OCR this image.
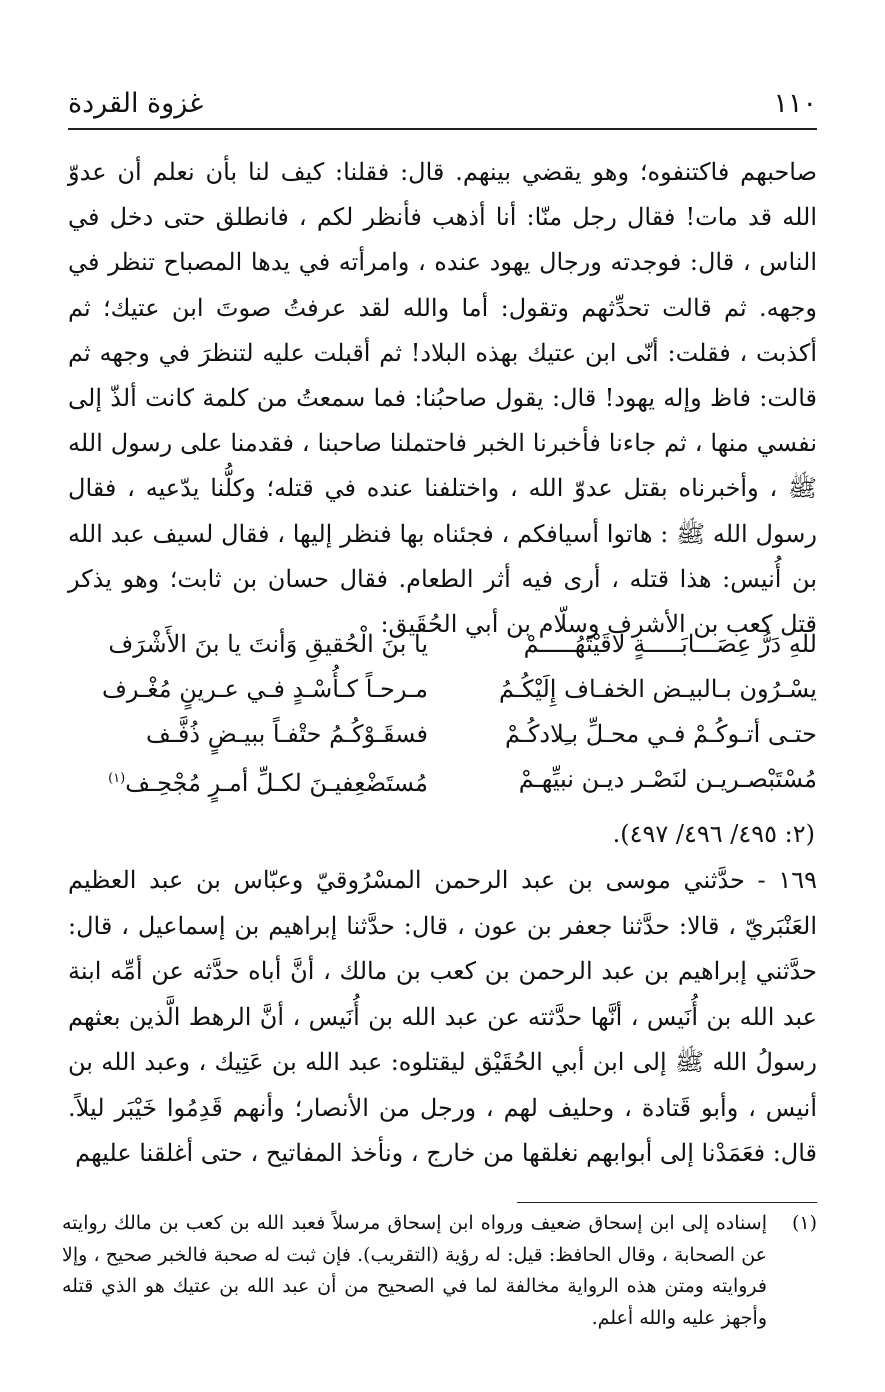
١١٠
غزوة القردة

صاحبهم فاكتنفوه؛ وهو يقضي بينهم. قال: فقلنا: كيف لنا بأن نعلم أن عدوّ الله قد مات! فقال رجل منّا: أنا أذهب فأنظر لكم ، فانطلق حتى دخل في الناس ، قال: فوجدته ورجال يهود عنده ، وامرأته في يدها المصباح تنظر في وجهه. ثم قالت تحدِّثهم وتقول: أما والله لقد عرفتُ صوتَ ابن عتيك؛ ثم أكذبت ، فقلت: أنّى ابن عتيك بهذه البلاد! ثم أقبلت عليه لتنظرَ في وجهه ثم قالت: فاظ وإله يهود! قال: يقول صاحبُنا: فما سمعتُ من كلمة كانت ألذّ إلى نفسي منها ، ثم جاءنا فأخبرنا الخبر فاحتملنا صاحبنا ، فقدمنا على رسول الله ﷺ ، وأخبرناه بقتل عدوّ الله ، واختلفنا عنده في قتله؛ وكلُّنا يدّعيه ، فقال رسول الله ﷺ : هاتوا أسيافكم ، فجئناه بها فنظر إليها ، فقال لسيف عبد الله بن أُنيس: هذا قتله ، أرى فيه أثر الطعام. فقال حسان بن ثابت؛ وهو يذكر قتل كعب بن الأشرف وسلّام بن أبي الحُقَيق:

للهِ دَرُّ عِصَـــابَـــــةٍ لاقَيْتَهُـــــمْ
يا بنَ الْحُقيقِ وَأنتَ يا بنَ الأَشْرَف
يسْـرُون بـالبيـض الخفـاف إِلَيْكُـمُ
مـرحـاً كـأُسْـدٍ فـي عـرينٍ مُغْـرف
حتـى أتـوكُـمْ فـي محـلِّ بـِلادكُـمْ
فسقَـوْكُـمُ حتْفـاً ببيـضٍ ذُفَّـف
مُسْتَبْصـريـن لنَصْـر ديـن نبيِّهـمْ
مُستَضْعِفيـنَ لكـلِّ أمـرٍ مُجْحِـف$^{(١)}$
(٢: ٤٩٥/ ٤٩٦/ ٤٩٧).
١٦٩ - حدَّثني موسى بن عبد الرحمن المسْرُوقيّ وعبّاس بن عبد العظيم العَنْبَريّ ، قالا: حدَّثنا جعفر بن عون ، قال: حدَّثنا إبراهيم بن إسماعيل ، قال: حدَّثني إبراهيم بن عبد الرحمن بن كعب بن مالك ، أنَّ أباه حدَّثه عن أمِّه ابنة عبد الله بن أُنَيس ، أنَّها حدَّثته عن عبد الله بن أُنَيس ، أنَّ الرهط الَّذين بعثهم رسولُ الله ﷺ إلى ابن أبي الحُقَيْق ليقتلوه: عبد الله بن عَتِيك ، وعبد الله بن أنيس ، وأبو قَتادة ، وحليف لهم ، ورجل من الأنصار؛ وأنهم قَدِمُوا خَيْبَر ليلاً. قال: فعَمَدْنا إلى أبوابهم نغلقها من خارج ، ونأخذ المفاتيح ، حتى أغلقنا عليهم
(١)
إسناده إلى ابن إسحاق ضعيف ورواه ابن إسحاق مرسلاً فعبد الله بن كعب بن مالك روايته عن الصحابة ، وقال الحافظ: قيل: له رؤية (التقريب). فإن ثبت له صحبة فالخبر صحيح ، وإلا فروايته ومتن هذه الرواية مخالفة لما في الصحيح من أن عبد الله بن عتيك هو الذي قتله وأجهز عليه والله أعلم.
